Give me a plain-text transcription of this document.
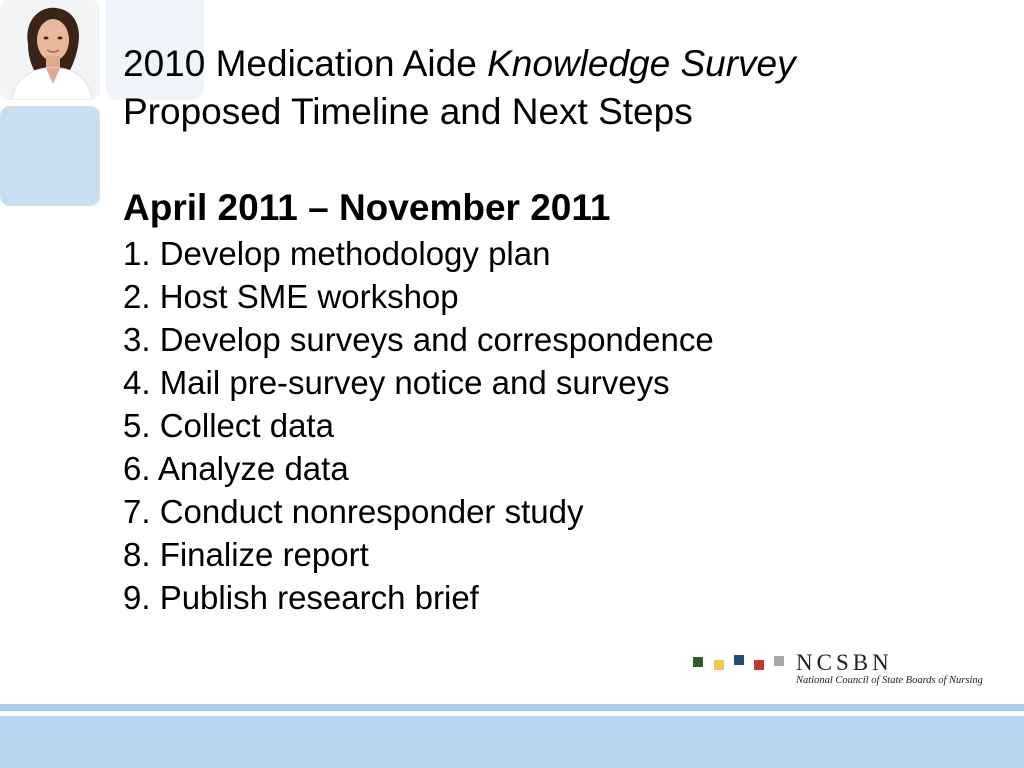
2010 Medication Aide Knowledge Survey
Proposed Timeline and Next Steps
April 2011 – November 2011
1. Develop methodology plan
2. Host SME workshop
3. Develop surveys and correspondence
4. Mail pre-survey notice and surveys
5. Collect data
6. Analyze data
7. Conduct nonresponder study
8. Finalize report
9. Publish research brief

NCSBN

National Council of State Boards of Nursing
